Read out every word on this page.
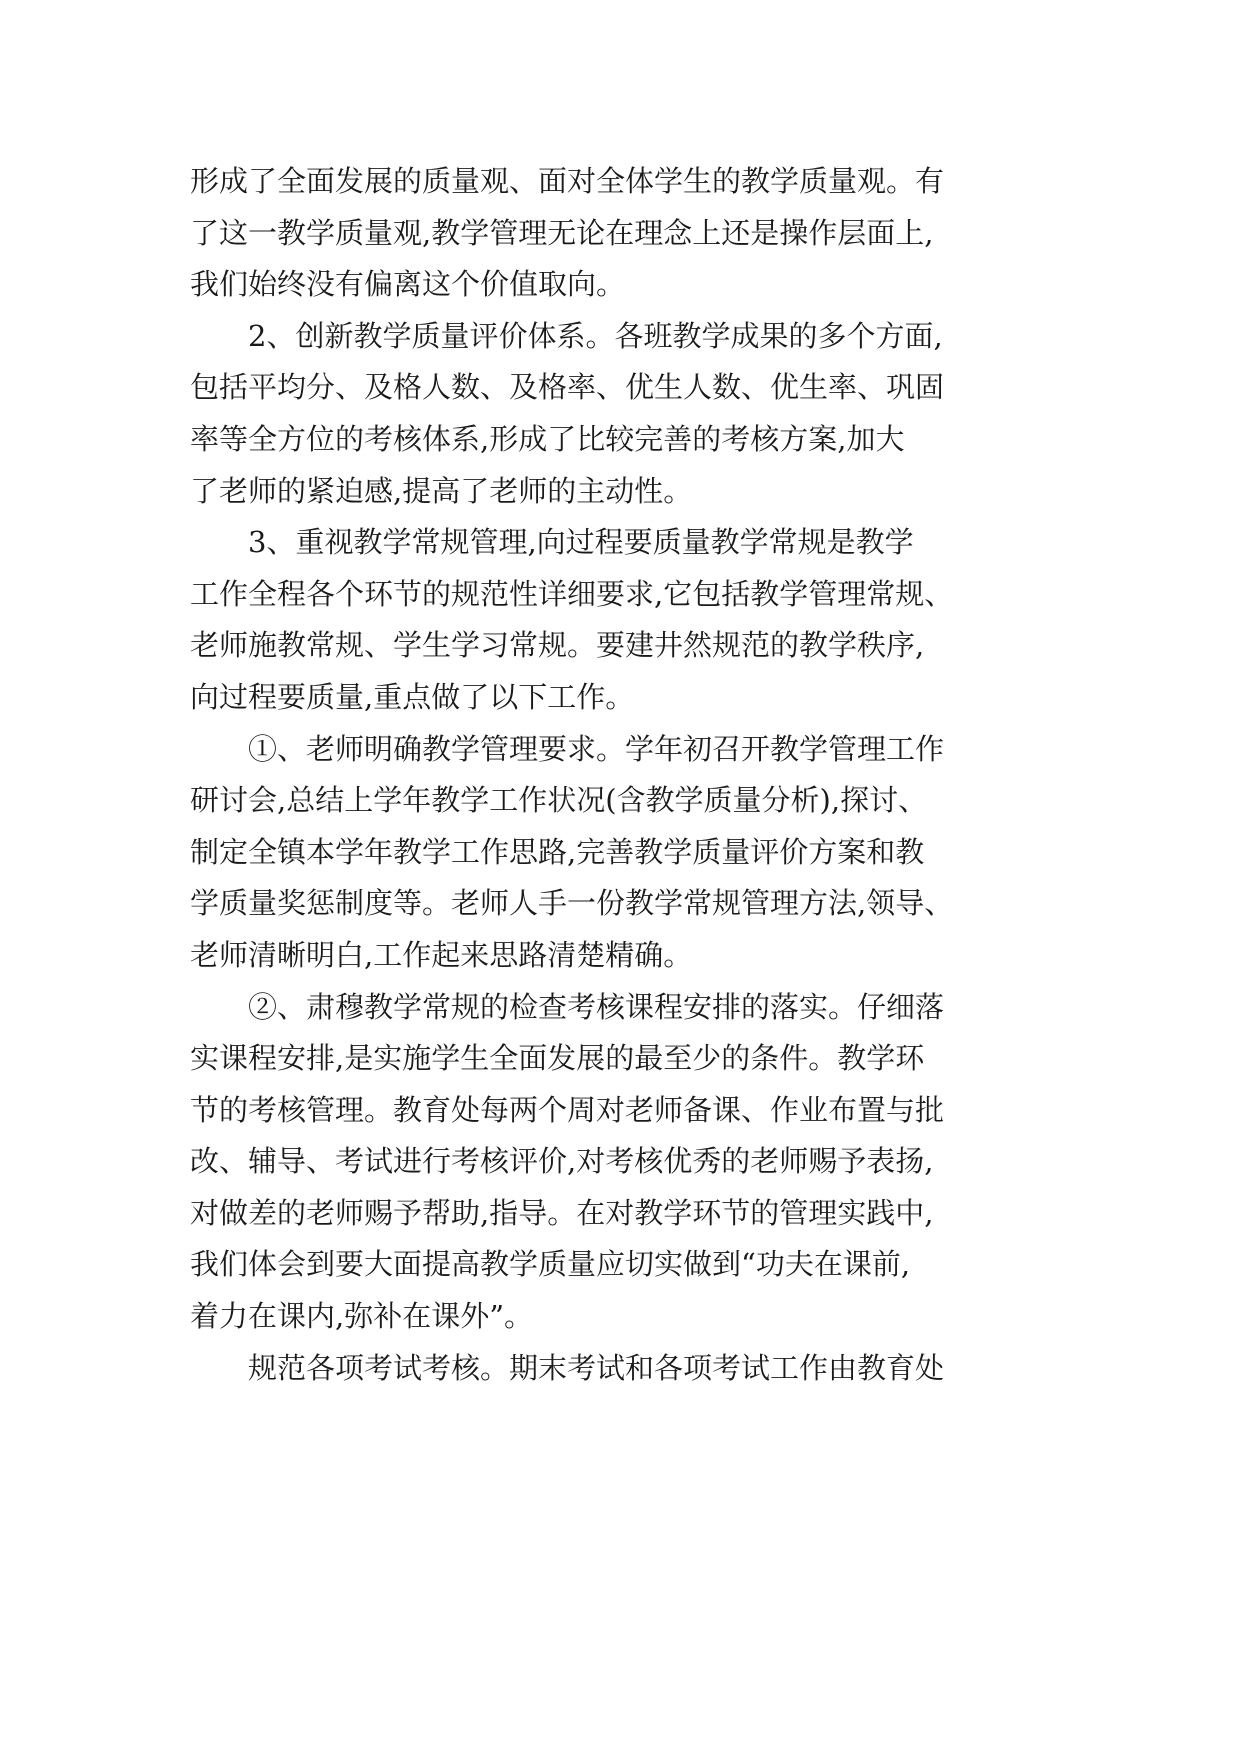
形成了全面发展的质量观、面对全体学生的教学质量观。有
了这一教学质量观,教学管理无论在理念上还是操作层面上,
我们始终没有偏离这个价值取向。

2、创新教学质量评价体系。各班教学成果的多个方面,
包括平均分、及格人数、及格率、优生人数、优生率、巩固
率等全方位的考核体系,形成了比较完善的考核方案,加大
了老师的紧迫感,提高了老师的主动性。

3、重视教学常规管理,向过程要质量教学常规是教学
工作全程各个环节的规范性详细要求,它包括教学管理常规、
老师施教常规、学生学习常规。要建井然规范的教学秩序,
向过程要质量,重点做了以下工作。

①、老师明确教学管理要求。学年初召开教学管理工作
研讨会,总结上学年教学工作状况(含教学质量分析),探讨、
制定全镇本学年教学工作思路,完善教学质量评价方案和教
学质量奖惩制度等。老师人手一份教学常规管理方法,领导、
老师清晰明白,工作起来思路清楚精确。

②、肃穆教学常规的检查考核课程安排的落实。仔细落
实课程安排,是实施学生全面发展的最至少的条件。教学环
节的考核管理。教育处每两个周对老师备课、作业布置与批
改、辅导、考试进行考核评价,对考核优秀的老师赐予表扬,
对做差的老师赐予帮助,指导。在对教学环节的管理实践中,
我们体会到要大面提高教学质量应切实做到“功夫在课前,
着力在课内,弥补在课外”。

规范各项考试考核。期末考试和各项考试工作由教育处
